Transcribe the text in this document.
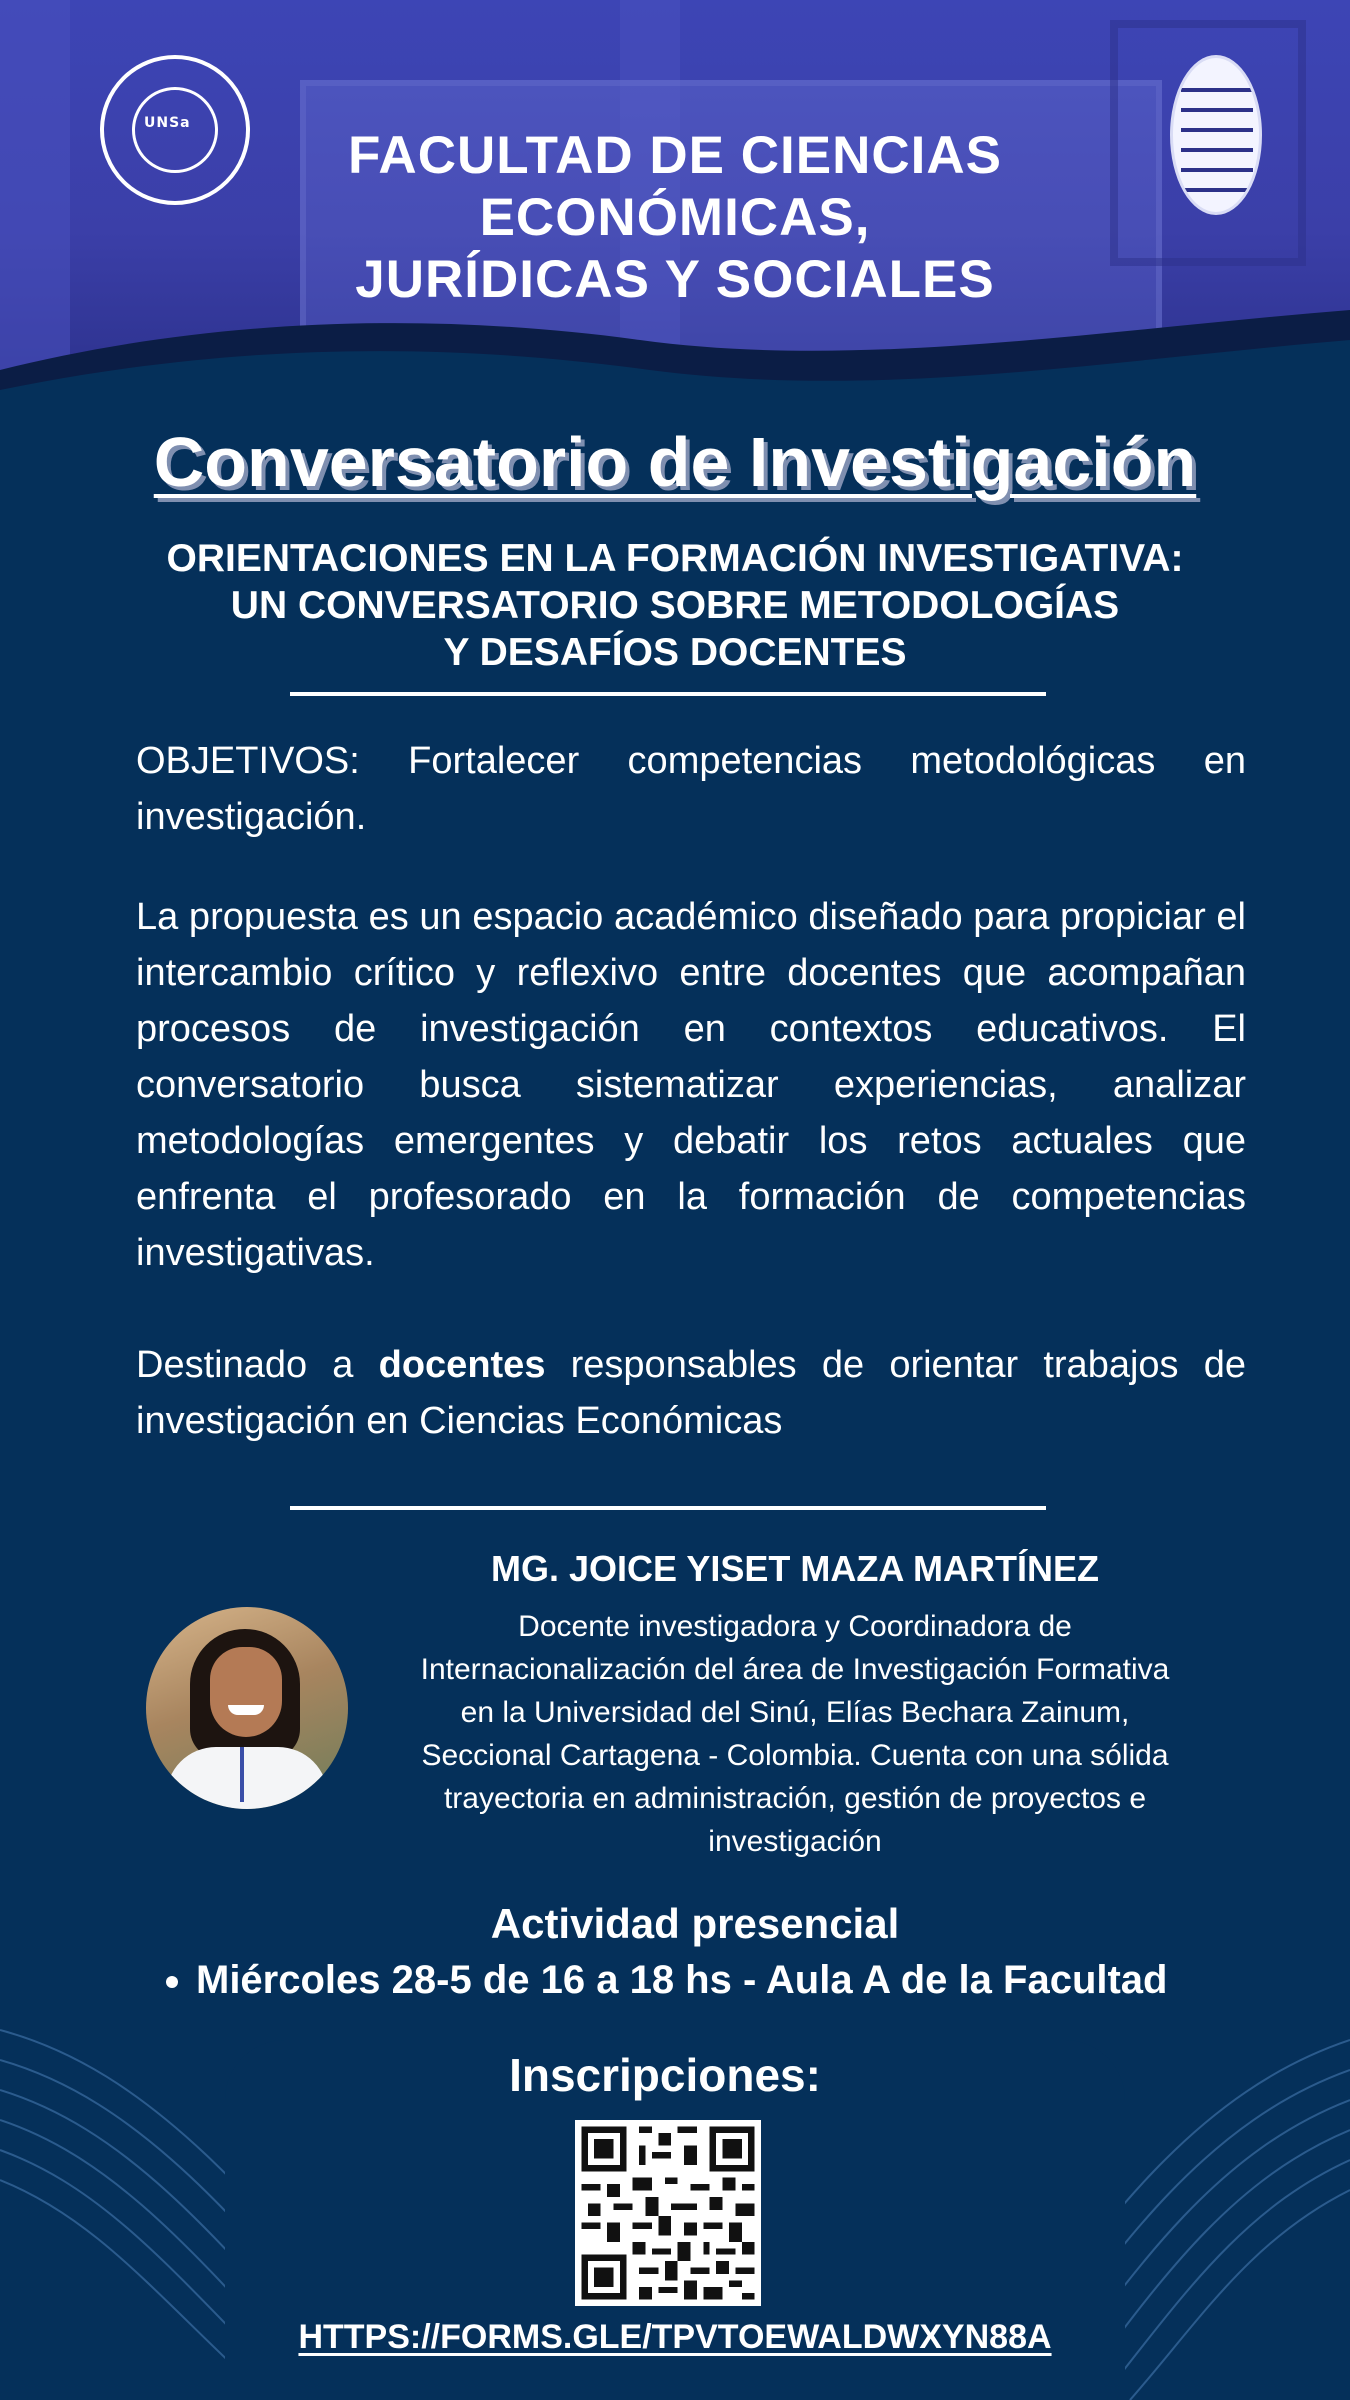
UNSa
FACULTAD DE CIENCIAS
ECONÓMICAS,
JURÍDICAS Y SOCIALES
Conversatorio de Investigación
ORIENTACIONES EN LA FORMACIÓN INVESTIGATIVA:
UN CONVERSATORIO SOBRE METODOLOGÍAS
Y DESAFÍOS DOCENTES
OBJETIVOS: Fortalecer competencias metodológicas en investigación.
La propuesta es un espacio académico diseñado para propiciar el intercambio crítico y reflexivo entre docentes que acompañan procesos de investigación en contextos educativos. El conversatorio busca sistematizar experiencias, analizar metodologías emergentes y debatir los retos actuales que enfrenta el profesorado en la formación de competencias investigativas.
Destinado a docentes responsables de orientar trabajos de investigación en Ciencias Económicas
MG. JOICE YISET MAZA MARTÍNEZ
Docente investigadora y Coordinadora de
Internacionalización del área de Investigación Formativa
en la Universidad del Sinú, Elías Bechara Zainum,
Seccional Cartagena - Colombia. Cuenta con una sólida
trayectoria en administración, gestión de proyectos e
investigación
Actividad presencial
• Miércoles 28-5 de 16 a 18 hs - Aula A de la Facultad
Inscripciones:
HTTPS://FORMS.GLE/TPVTOEWALDWXYN88A
